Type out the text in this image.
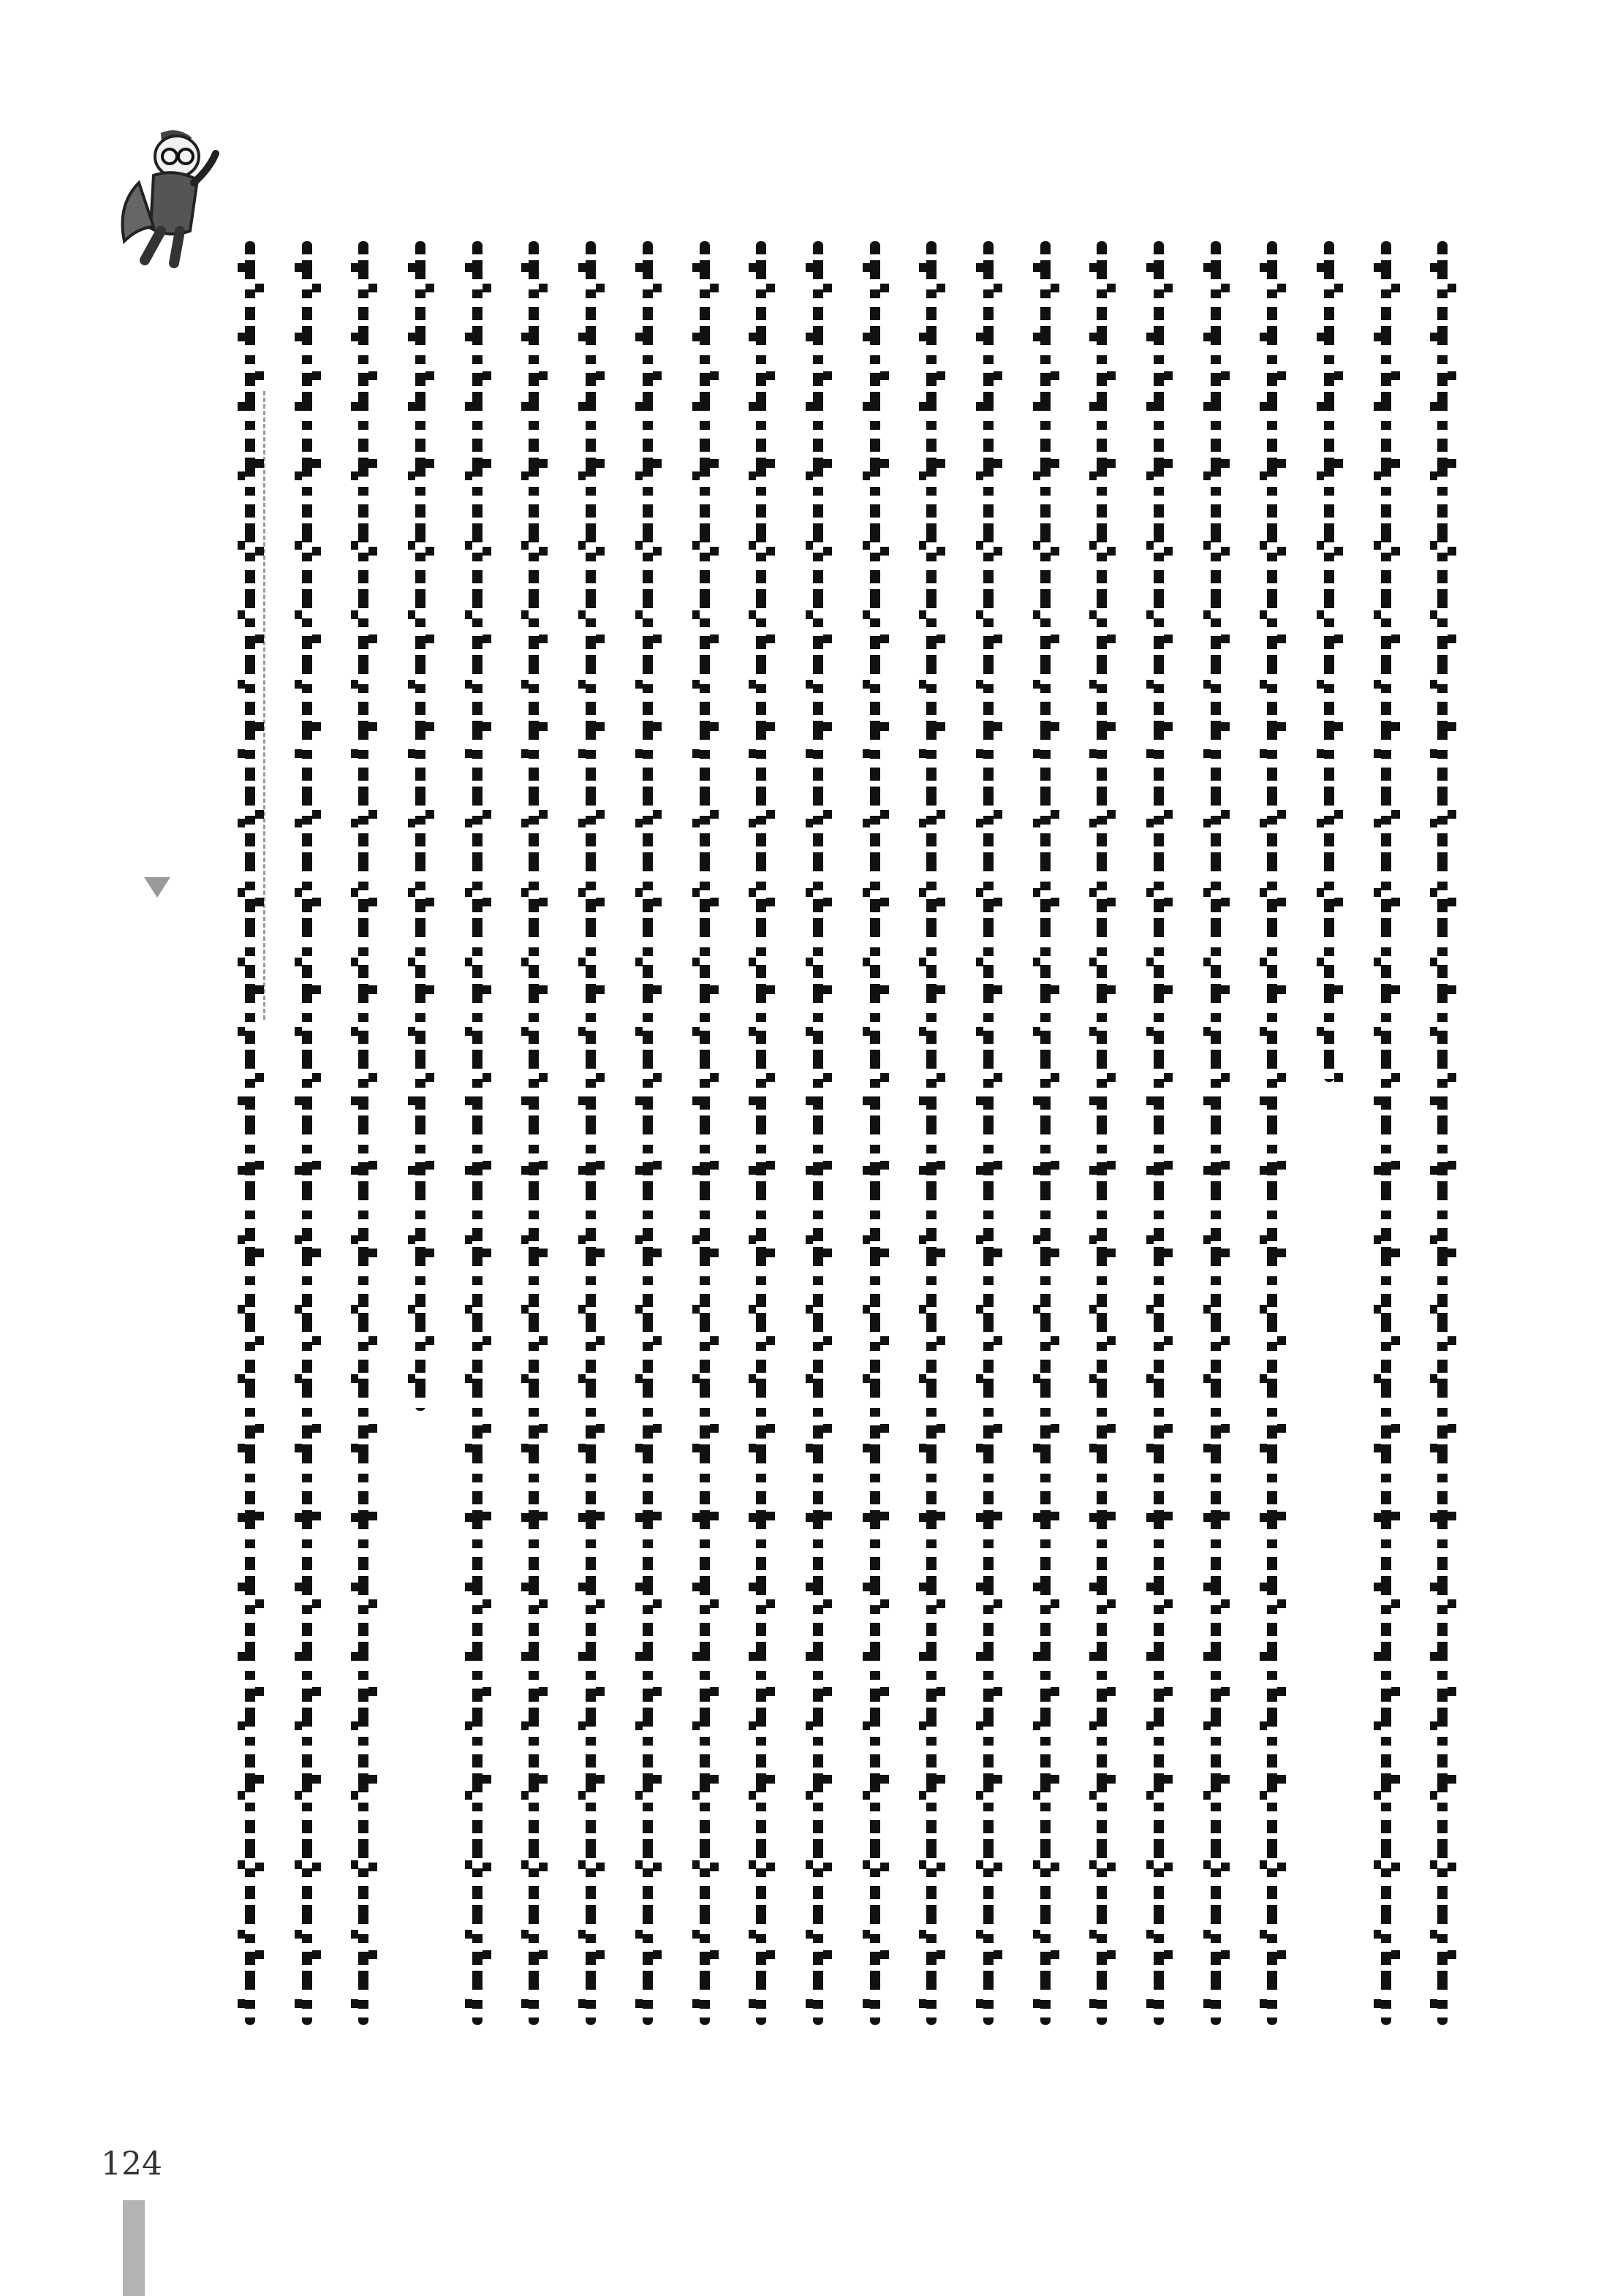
124
